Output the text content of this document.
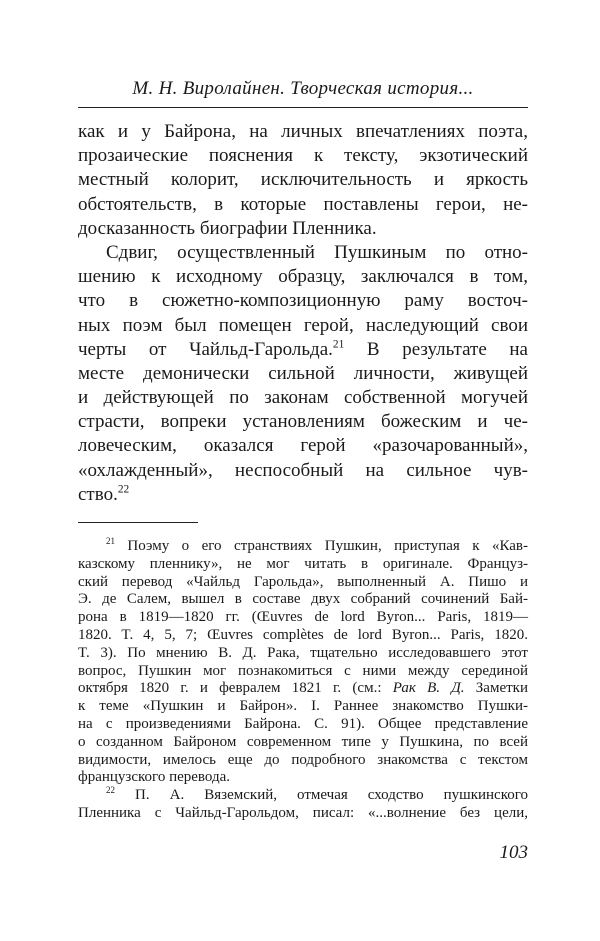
М. Н. Виролайнен. Творческая история...
как и у Байрона, на личных впечатлениях поэта,
прозаические пояснения к тексту, экзотический
местный колорит, исключительность и яркость
обстоятельств, в которые поставлены герои, не-
досказанность биографии Пленника.
Сдвиг, осуществленный Пушкиным по отно-
шению к исходному образцу, заключался в том,
что в сюжетно-композиционную раму восточ-
ных поэм был помещен герой, наследующий свои
черты от Чайльд-Гарольда.$^{21}$ В результате на
месте демонически сильной личности, живущей
и действующей по законам собственной могучей
страсти, вопреки установлениям божеским и че-
ловеческим, оказался герой «разочарованный»,
«охлажденный», неспособный на сильное чув-
ство.$^{22}$
$^{21}$ Поэму о его странствиях Пушкин, приступая к «Кав-
казскому пленнику», не мог читать в оригинале. Француз-
ский перевод «Чайльд Гарольда», выполненный А. Пишо и
Э. де Салем, вышел в составе двух собраний сочинений Бай-
рона в 1819—1820 гг. (Œuvres de lord Byron... Paris, 1819—
1820. T. 4, 5, 7; Œuvres complètes de lord Byron... Paris, 1820.
T. 3). По мнению В. Д. Рака, тщательно исследовавшего этот
вопрос, Пушкин мог познакомиться с ними между серединой
октября 1820 г. и февралем 1821 г. (см.: Рак В. Д. Заметки
к теме «Пушкин и Байрон». I. Раннее знакомство Пушки-
на с произведениями Байрона. С. 91). Общее представление
о созданном Байроном современном типе у Пушкина, по всей
видимости, имелось еще до подробного знакомства с текстом
французского перевода.
$^{22}$ П. А. Вяземский, отмечая сходство пушкинского
Пленника с Чайльд-Гарольдом, писал: «...волнение без цели,
103
